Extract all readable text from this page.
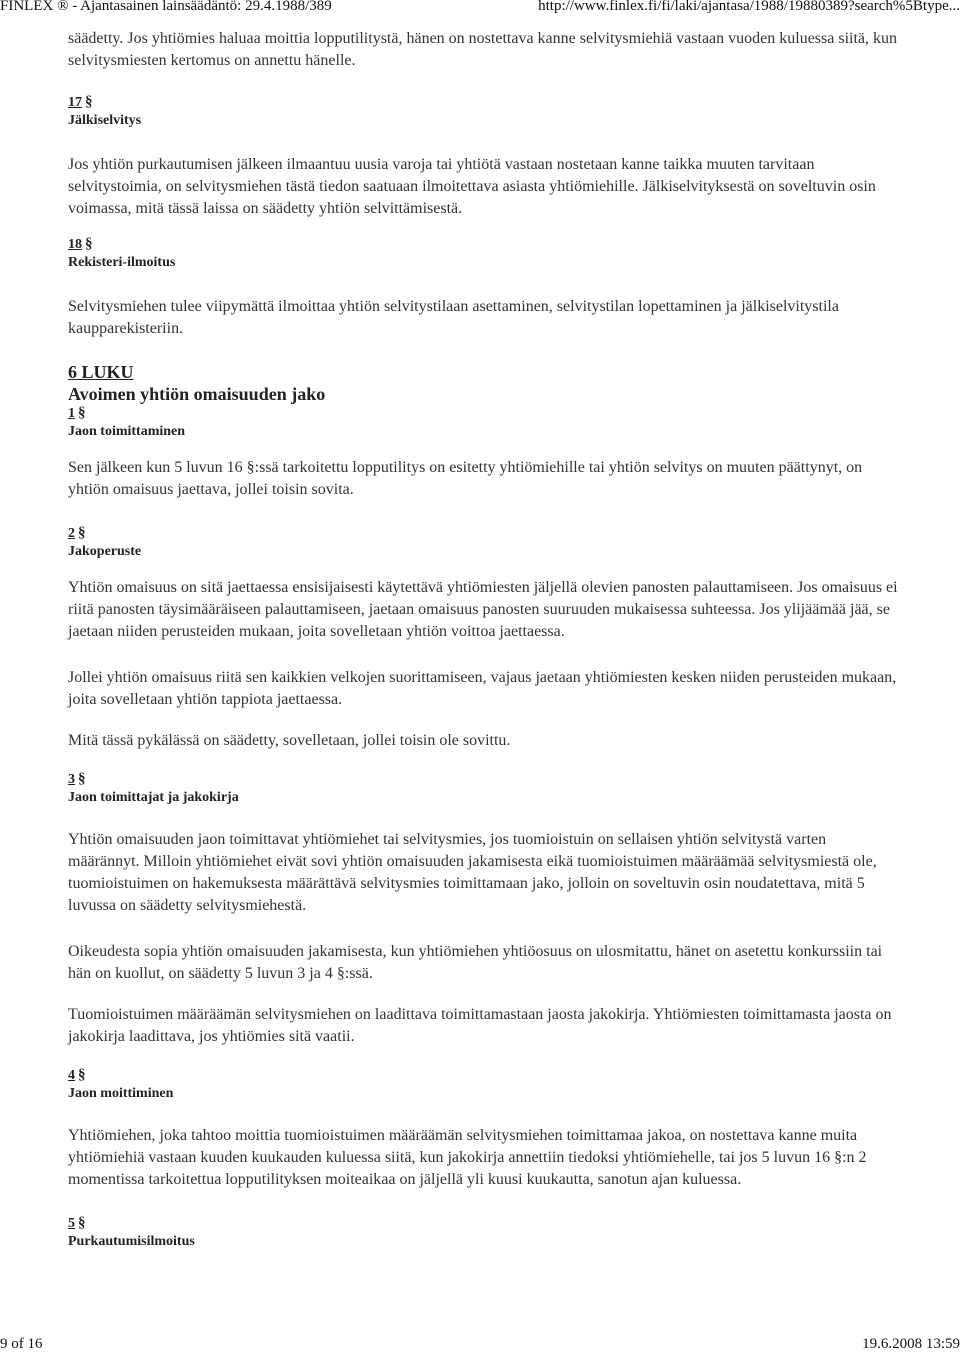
FINLEX ® - Ajantasainen lainsäädäntö: 29.4.1988/389	http://www.finlex.fi/fi/laki/ajantasa/1988/19880389?search%5Btype...

säädetty. Jos yhtiömies haluaa moittia lopputilitystä, hänen on nostettava kanne selvitysmiehiä vastaan vuoden kuluessa siitä, kun selvitysmiesten kertomus on annettu hänelle.

17 §
Jälkiselvitys

Jos yhtiön purkautumisen jälkeen ilmaantuu uusia varoja tai yhtiötä vastaan nostetaan kanne taikka muuten tarvitaan selvitystoimia, on selvitysmiehen tästä tiedon saatuaan ilmoitettava asiasta yhtiömiehille. Jälkiselvityksestä on soveltuvin osin voimassa, mitä tässä laissa on säädetty yhtiön selvittämisestä.

18 §
Rekisteri-ilmoitus

Selvitysmiehen tulee viipymättä ilmoittaa yhtiön selvitystilaan asettaminen, selvitystilan lopettaminen ja jälkiselvitystila kaupparekisteriin.

6 LUKU
Avoimen yhtiön omaisuuden jako
1 §
Jaon toimittaminen

Sen jälkeen kun 5 luvun 16 §:ssä tarkoitettu lopputilitys on esitetty yhtiömiehille tai yhtiön selvitys on muuten päättynyt, on yhtiön omaisuus jaettava, jollei toisin sovita.

2 §
Jakoperuste

Yhtiön omaisuus on sitä jaettaessa ensisijaisesti käytettävä yhtiömiesten jäljellä olevien panosten palauttamiseen. Jos omaisuus ei riitä panosten täysimääräiseen palauttamiseen, jaetaan omaisuus panosten suuruuden mukaisessa suhteessa. Jos ylijäämää jää, se jaetaan niiden perusteiden mukaan, joita sovelletaan yhtiön voittoa jaettaessa.

Jollei yhtiön omaisuus riitä sen kaikkien velkojen suorittamiseen, vajaus jaetaan yhtiömiesten kesken niiden perusteiden mukaan, joita sovelletaan yhtiön tappiota jaettaessa.

Mitä tässä pykälässä on säädetty, sovelletaan, jollei toisin ole sovittu.

3 §
Jaon toimittajat ja jakokirja

Yhtiön omaisuuden jaon toimittavat yhtiömiehet tai selvitysmies, jos tuomioistuin on sellaisen yhtiön selvitystä varten määrännyt. Milloin yhtiömiehet eivät sovi yhtiön omaisuuden jakamisesta eikä tuomioistuimen määräämää selvitysmiestä ole, tuomioistuimen on hakemuksesta määrättävä selvitysmies toimittamaan jako, jolloin on soveltuvin osin noudatettava, mitä 5 luvussa on säädetty selvitysmiehestä.

Oikeudesta sopia yhtiön omaisuuden jakamisesta, kun yhtiömiehen yhtiöosuus on ulosmitattu, hänet on asetettu konkurssiin tai hän on kuollut, on säädetty 5 luvun 3 ja 4 §:ssä.

Tuomioistuimen määräämän selvitysmiehen on laadittava toimittamastaan jaosta jakokirja. Yhtiömiesten toimittamasta jaosta on jakokirja laadittava, jos yhtiömies sitä vaatii.

4 §
Jaon moittiminen

Yhtiömiehen, joka tahtoo moittia tuomioistuimen määräämän selvitysmiehen toimittamaa jakoa, on nostettava kanne muita yhtiömiehiä vastaan kuuden kuukauden kuluessa siitä, kun jakokirja annettiin tiedoksi yhtiömiehelle, tai jos 5 luvun 16 §:n 2 momentissa tarkoitettua lopputilityksen moiteaikaa on jäljellä yli kuusi kuukautta, sanotun ajan kuluessa.

5 §
Purkautumisilmoitus
9 of 16	19.6.2008 13:59
